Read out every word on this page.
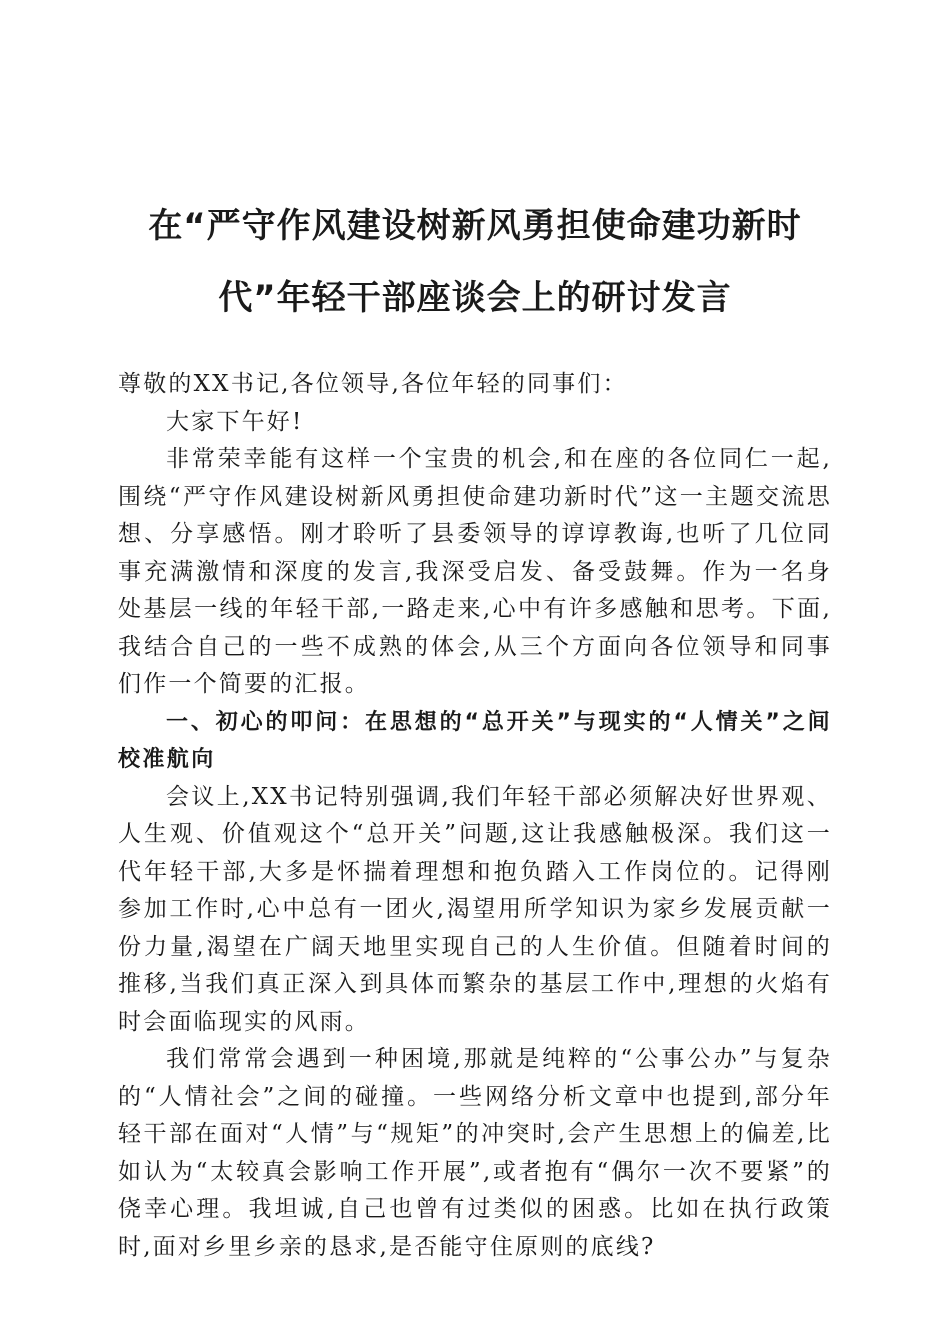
在“严守作风建设树新风勇担使命建功新时
代”年轻干部座谈会上的研讨发言

尊敬的XX书记,各位领导,各位年轻的同事们：

大家下午好!

非常荣幸能有这样一个宝贵的机会,和在座的各位同仁一起,围绕“严守作风建设树新风勇担使命建功新时代”这一主题交流思想、分享感悟。刚才聆听了县委领导的谆谆教诲,也听了几位同事充满激情和深度的发言,我深受启发、备受鼓舞。作为一名身处基层一线的年轻干部,一路走来,心中有许多感触和思考。下面,我结合自己的一些不成熟的体会,从三个方面向各位领导和同事们作一个简要的汇报。

一、初心的叩问：在思想的“总开关”与现实的“人情关”之间校准航向

会议上,XX书记特别强调,我们年轻干部必须解决好世界观、人生观、价值观这个“总开关”问题,这让我感触极深。我们这一代年轻干部,大多是怀揣着理想和抱负踏入工作岗位的。记得刚参加工作时,心中总有一团火,渴望用所学知识为家乡发展贡献一份力量,渴望在广阔天地里实现自己的人生价值。但随着时间的推移,当我们真正深入到具体而繁杂的基层工作中,理想的火焰有时会面临现实的风雨。

我们常常会遇到一种困境,那就是纯粹的“公事公办”与复杂的“人情社会”之间的碰撞。一些网络分析文章中也提到,部分年轻干部在面对“人情”与“规矩”的冲突时,会产生思想上的偏差,比如认为“太较真会影响工作开展”,或者抱有“偶尔一次不要紧”的侥幸心理。我坦诚,自己也曾有过类似的困惑。比如在执行政策时,面对乡里乡亲的恳求,是否能守住原则的底线?
